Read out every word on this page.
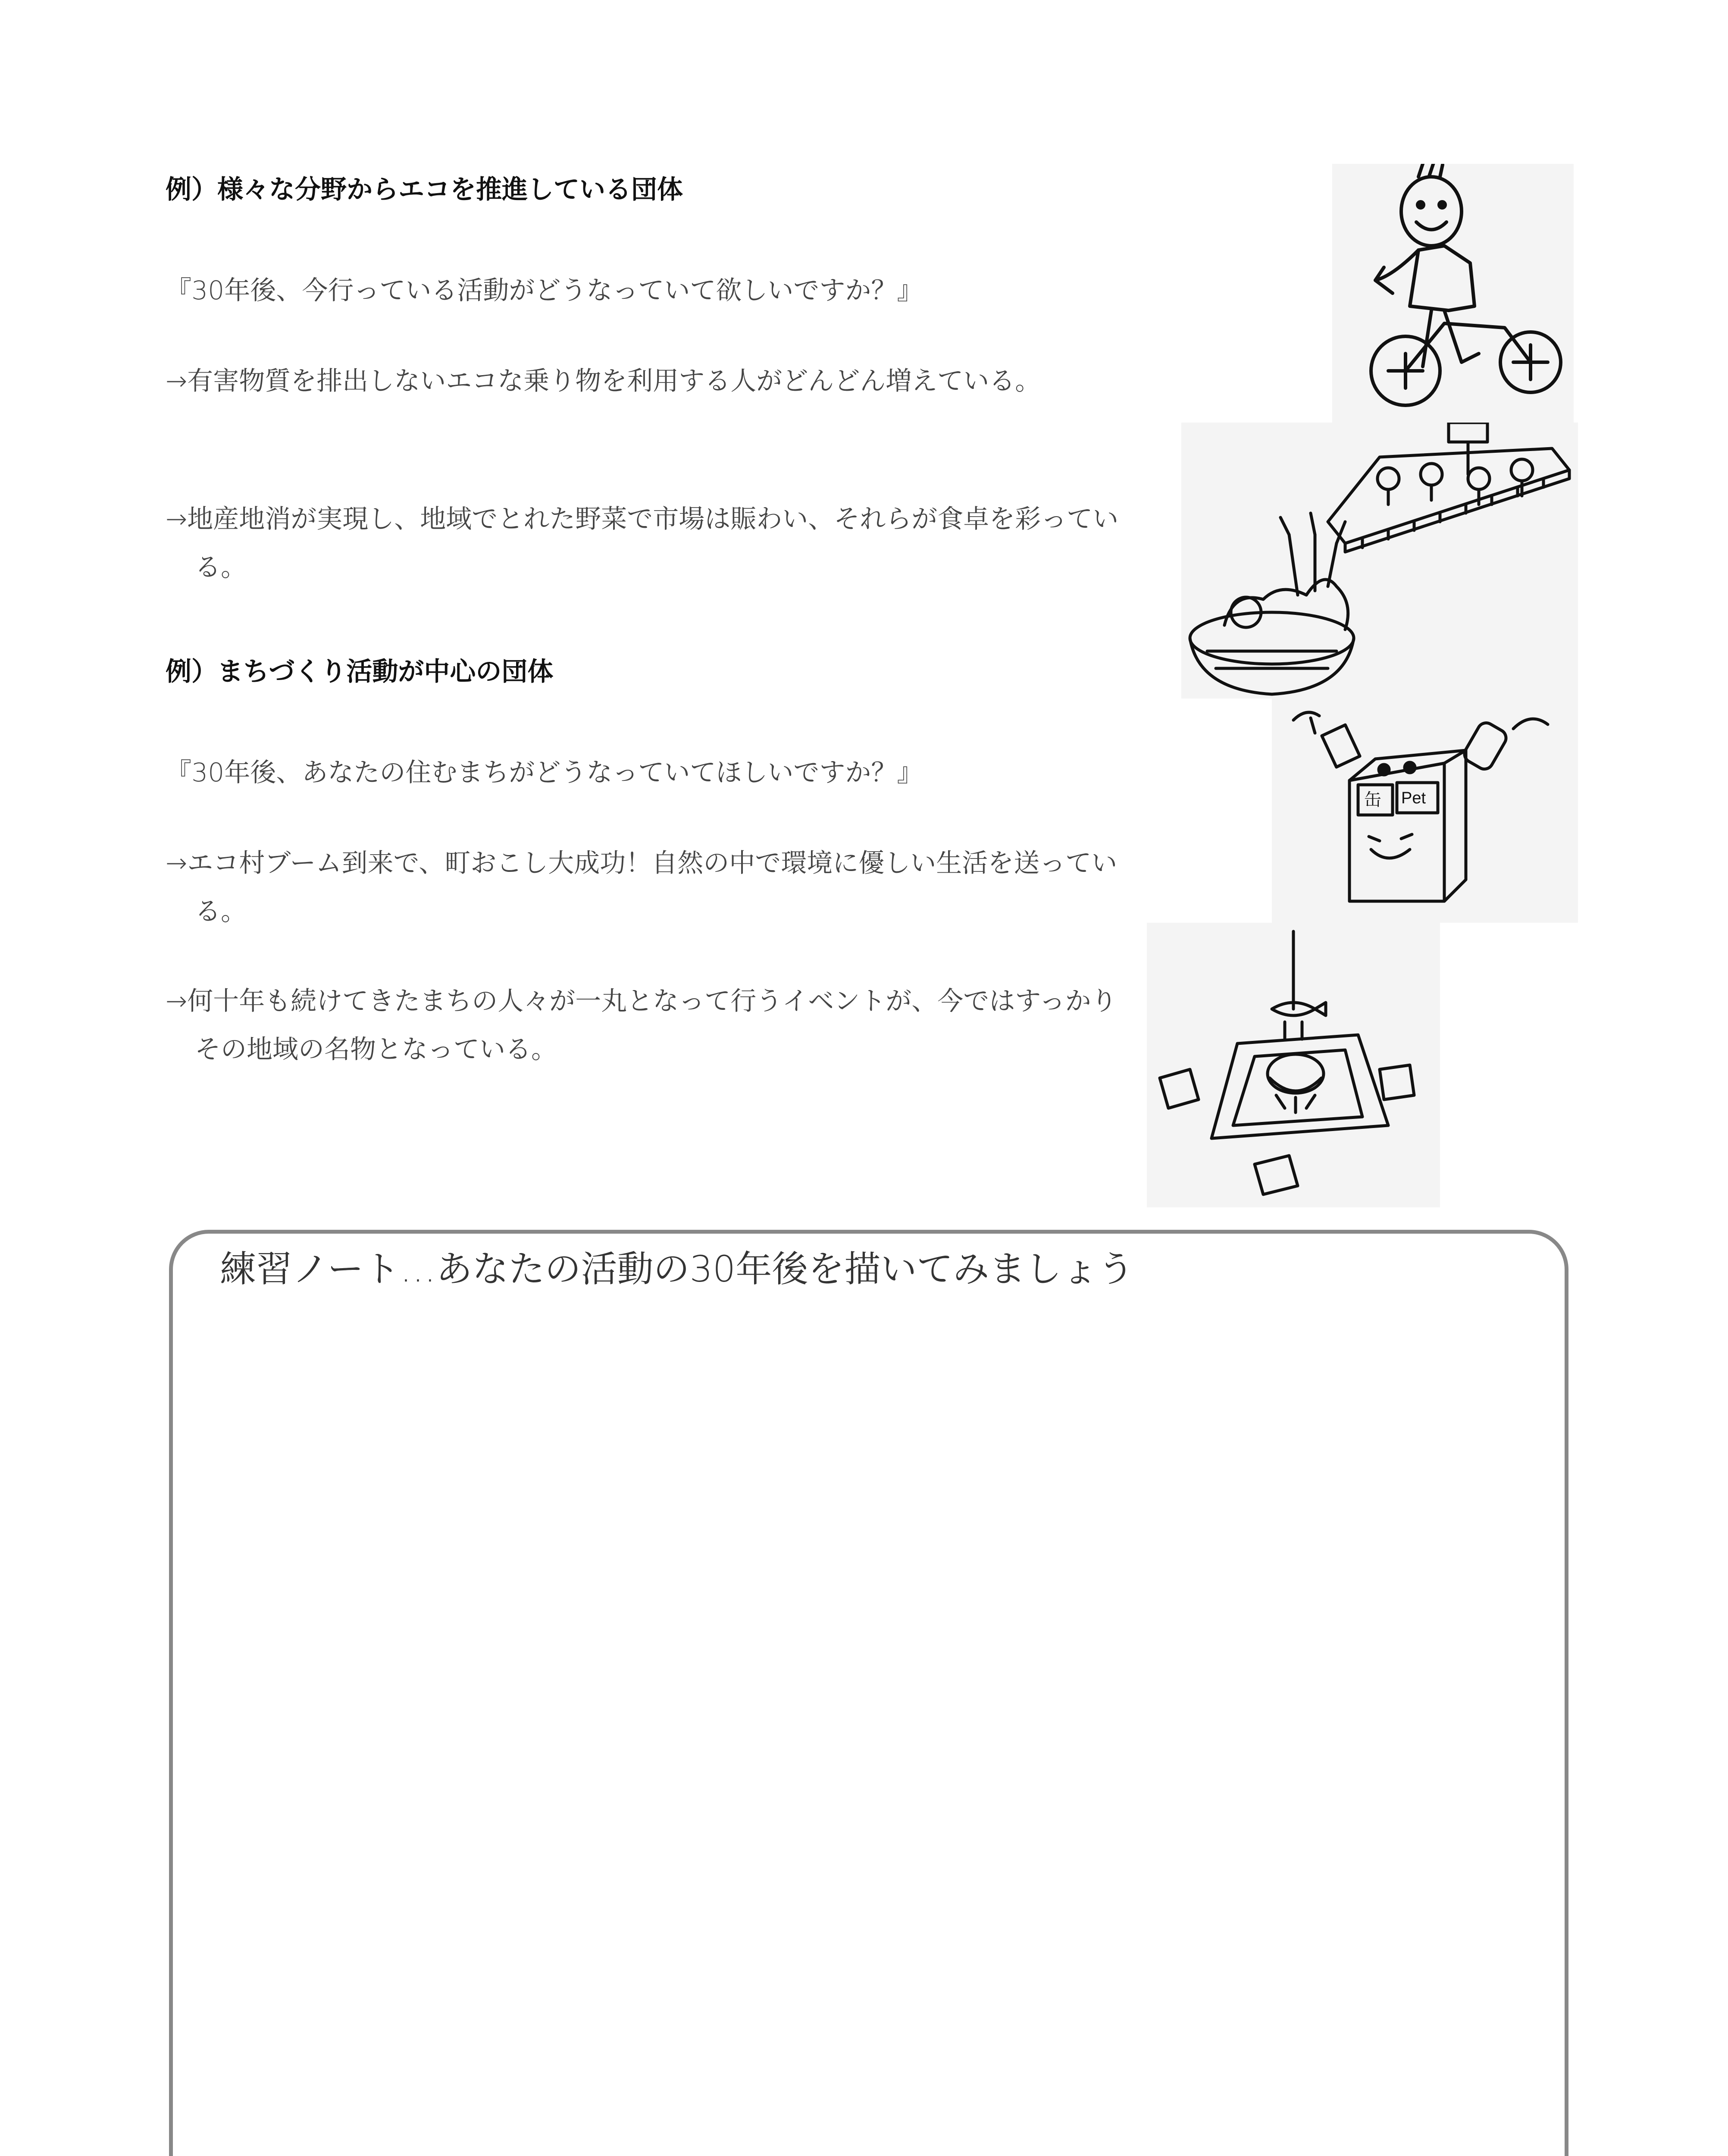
例）様々な分野からエコを推進している団体
『30年後、今行っている活動がどうなっていて欲しいですか？』
→有害物質を排出しないエコな乗り物を利用する人がどんどん増えている。
→地産地消が実現し、地域でとれた野菜で市場は賑わい、それらが食卓を彩っている。
例）まちづくり活動が中心の団体
『30年後、あなたの住むまちがどうなっていてほしいですか？』
→エコ村ブーム到来で、町おこし大成功！自然の中で環境に優しい生活を送っている。
→何十年も続けてきたまちの人々が一丸となって行うイベントが、今ではすっかりその地域の名物となっている。
缶 Pet
練習ノート…あなたの活動の30年後を描いてみましょう
